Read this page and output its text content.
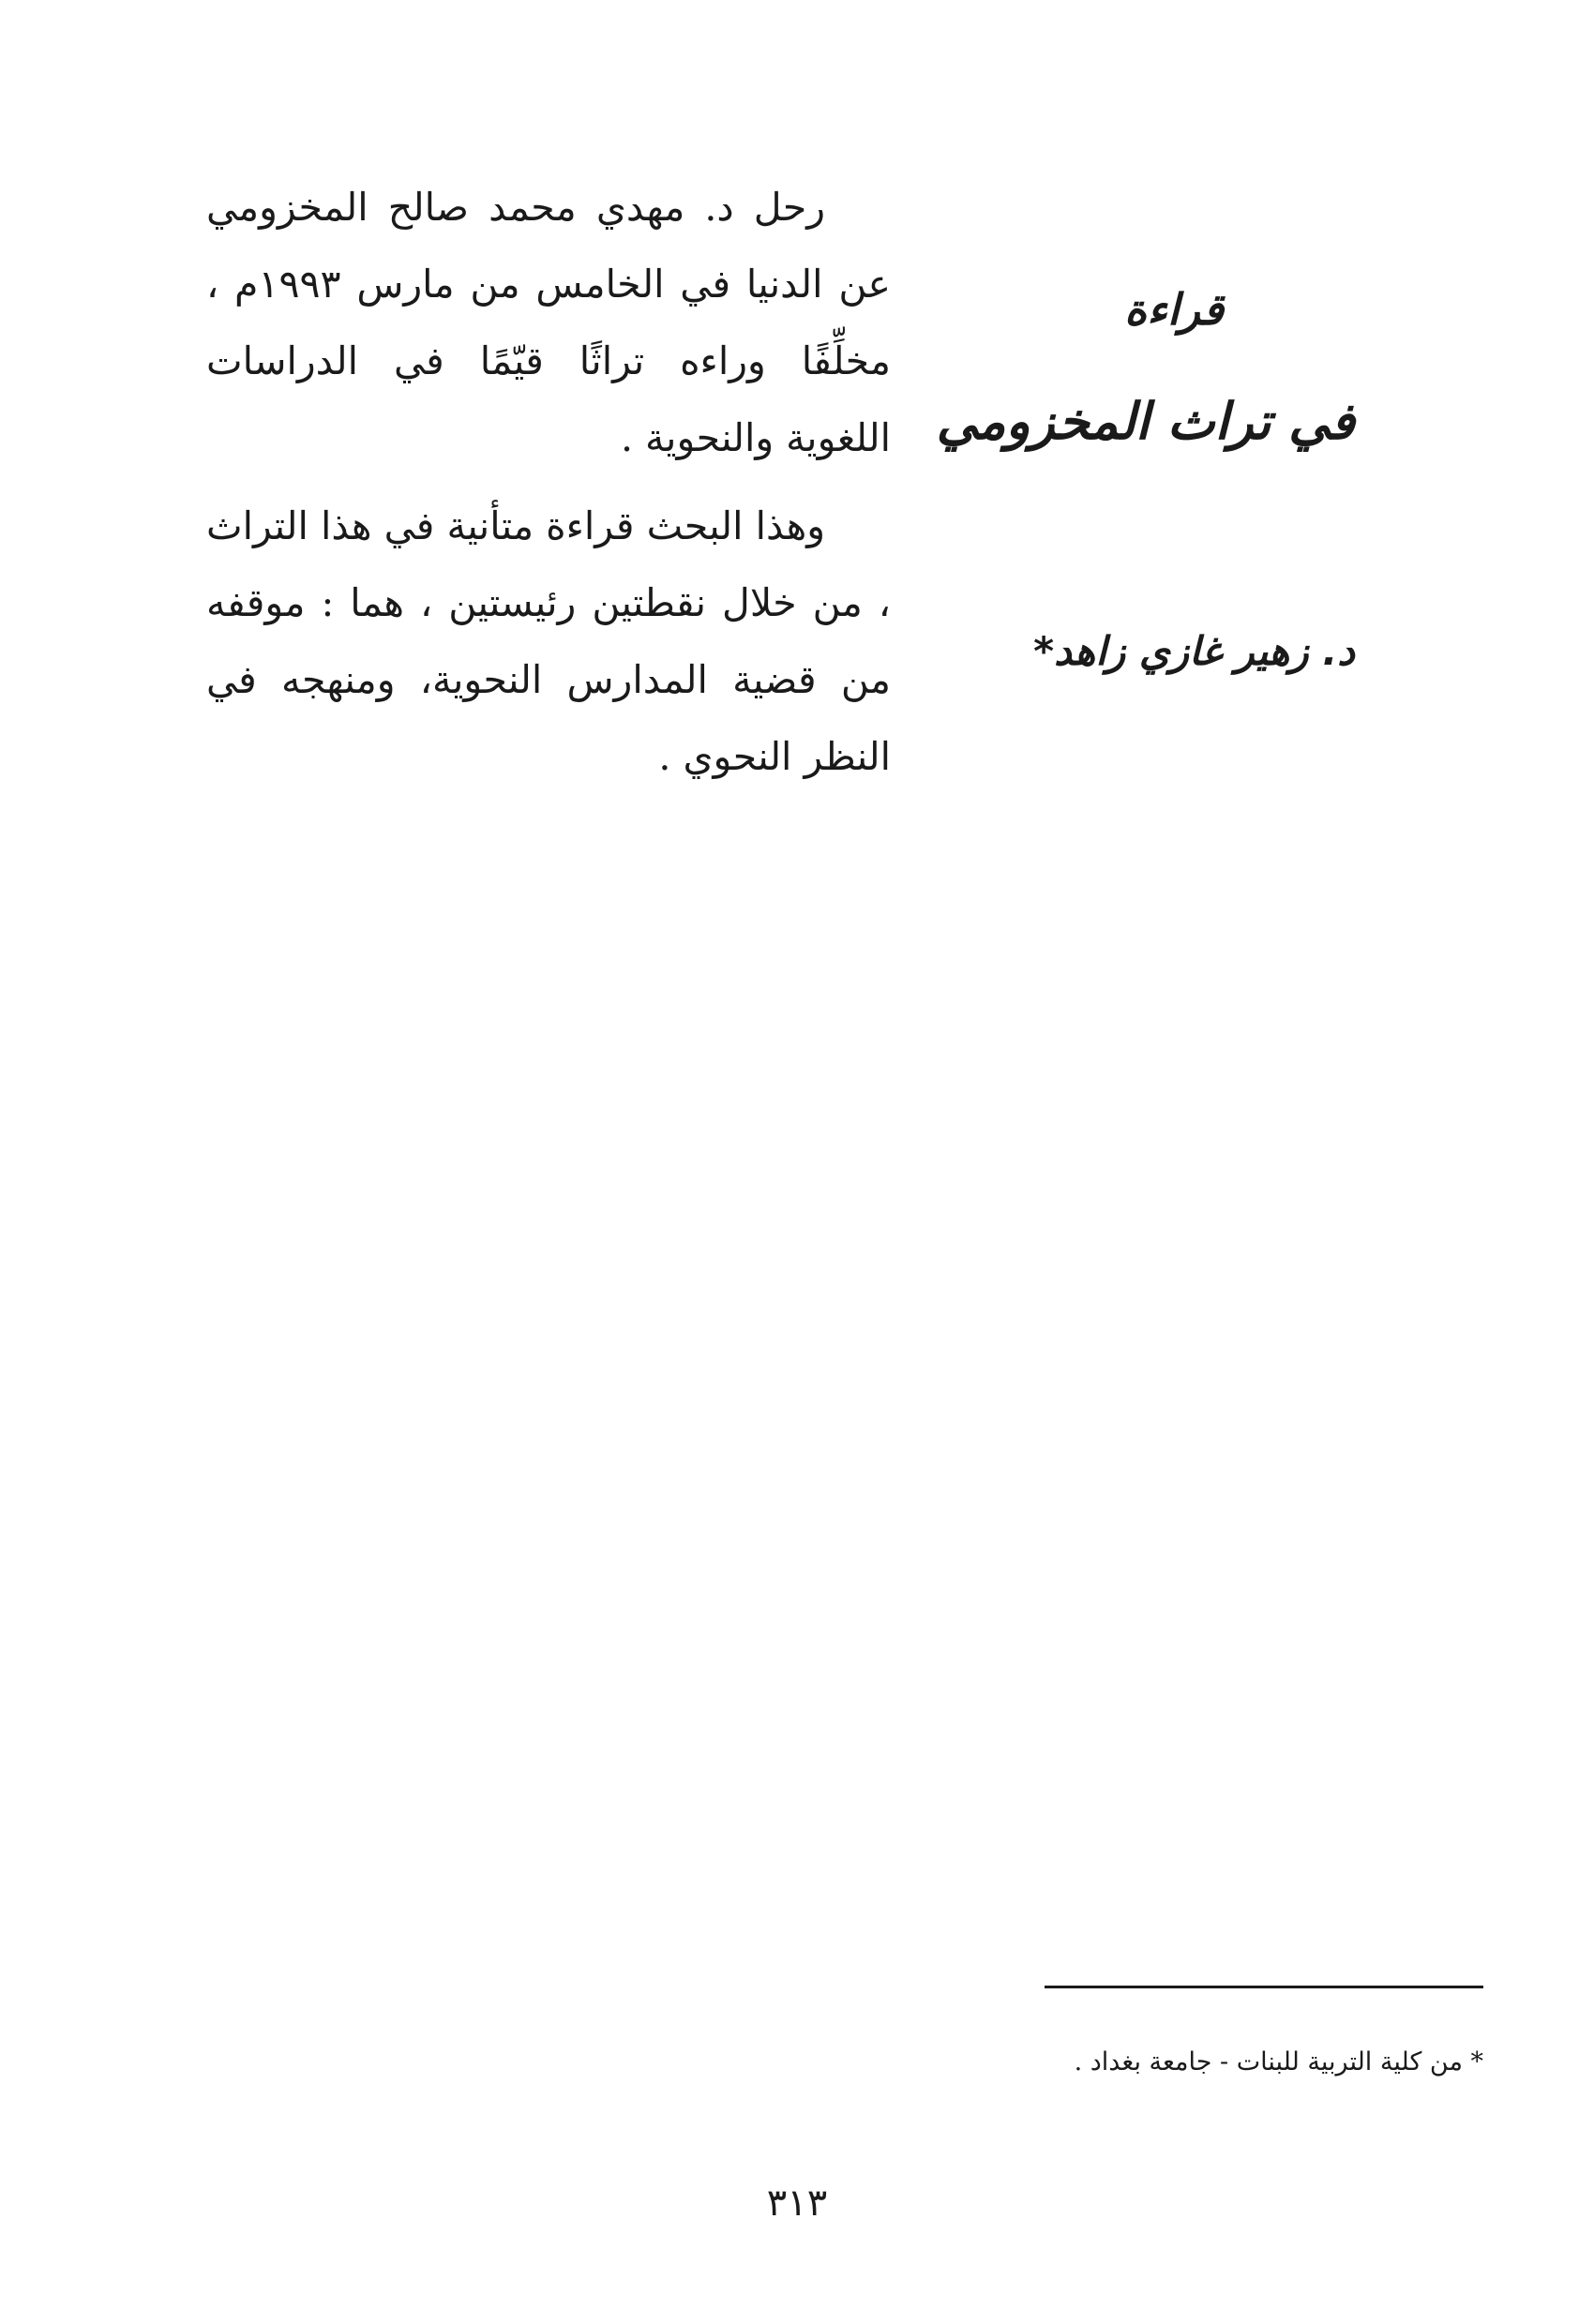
قراءة
في تراث المخزومي
د. زهير غازي زاهد*

رحل د. مهدي محمد صالح المخزومي عن الدنيا في الخامس من مارس ١٩٩٣م ، مخلِّفًا وراءه تراثًا قيّمًا في الدراسات اللغوية والنحوية .

وهذا البحث قراءة متأنية في هذا التراث ، من خلال نقطتين رئيستين ، هما : موقفه من قضية المدارس النحوية، ومنهجه في النظر النحوي .

* من كلية التربية للبنات - جامعة بغداد .
٣١٣
